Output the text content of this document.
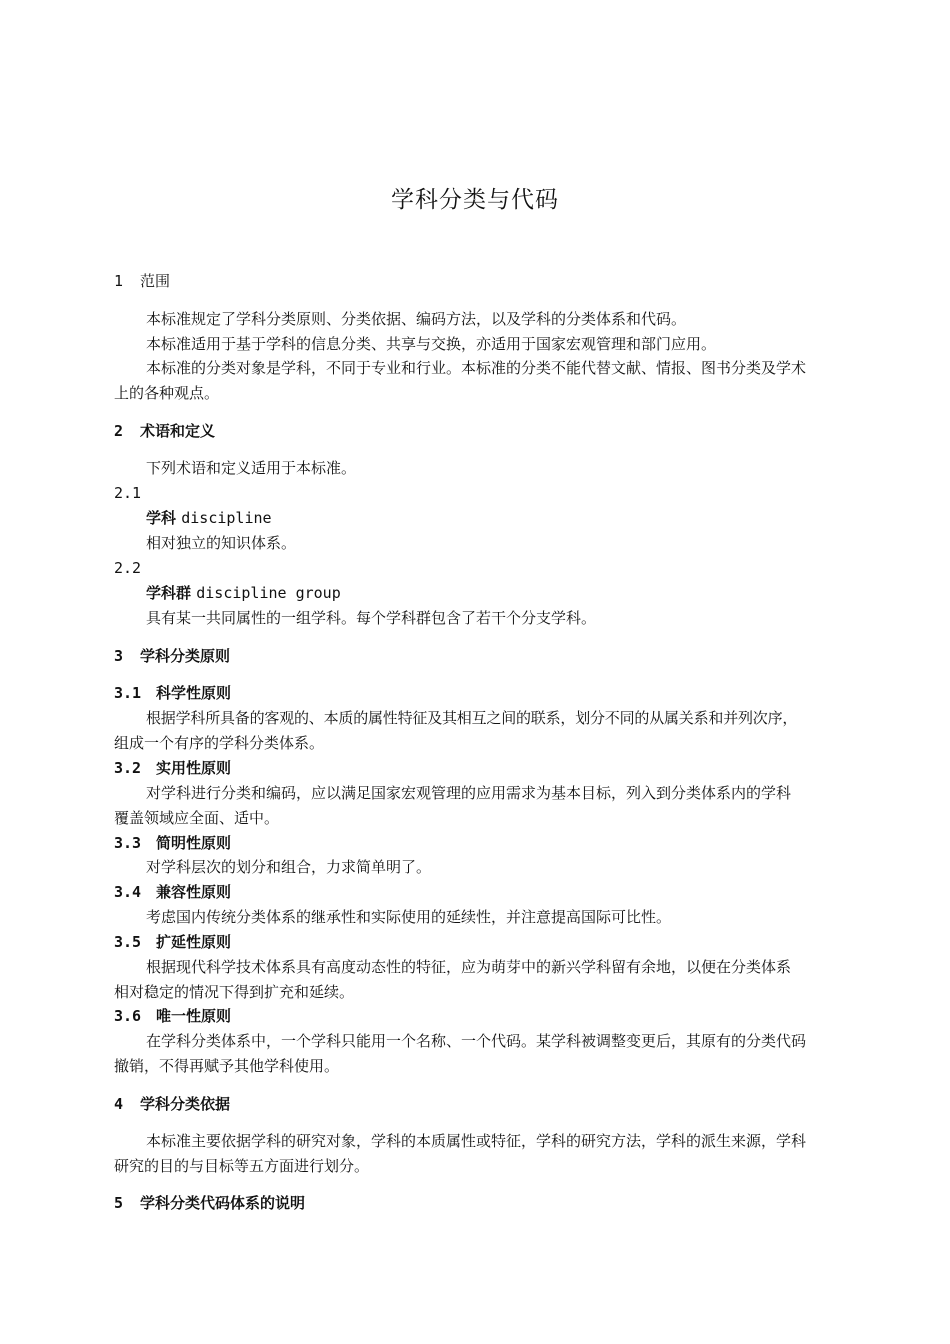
学科分类与代码
1 范围
本标准规定了学科分类原则、分类依据、编码方法，以及学科的分类体系和代码。
本标准适用于基于学科的信息分类、共享与交换，亦适用于国家宏观管理和部门应用。
本标准的分类对象是学科，不同于专业和行业。本标准的分类不能代替文献、情报、图书分类及学术
上的各种观点。
2 术语和定义
下列术语和定义适用于本标准。
2.1
学科 discipline
相对独立的知识体系。
2.2
学科群 discipline group
具有某一共同属性的一组学科。每个学科群包含了若干个分支学科。
3 学科分类原则
3.1 科学性原则
根据学科所具备的客观的、本质的属性特征及其相互之间的联系，划分不同的从属关系和并列次序，
组成一个有序的学科分类体系。
3.2 实用性原则
对学科进行分类和编码，应以满足国家宏观管理的应用需求为基本目标，列入到分类体系内的学科
覆盖领域应全面、适中。
3.3 简明性原则
对学科层次的划分和组合，力求简单明了。
3.4 兼容性原则
考虑国内传统分类体系的继承性和实际使用的延续性，并注意提高国际可比性。
3.5 扩延性原则
根据现代科学技术体系具有高度动态性的特征，应为萌芽中的新兴学科留有余地，以便在分类体系
相对稳定的情况下得到扩充和延续。
3.6 唯一性原则
在学科分类体系中，一个学科只能用一个名称、一个代码。某学科被调整变更后，其原有的分类代码
撤销，不得再赋予其他学科使用。
4 学科分类依据
本标准主要依据学科的研究对象，学科的本质属性或特征，学科的研究方法，学科的派生来源，学科
研究的目的与目标等五方面进行划分。
5 学科分类代码体系的说明
